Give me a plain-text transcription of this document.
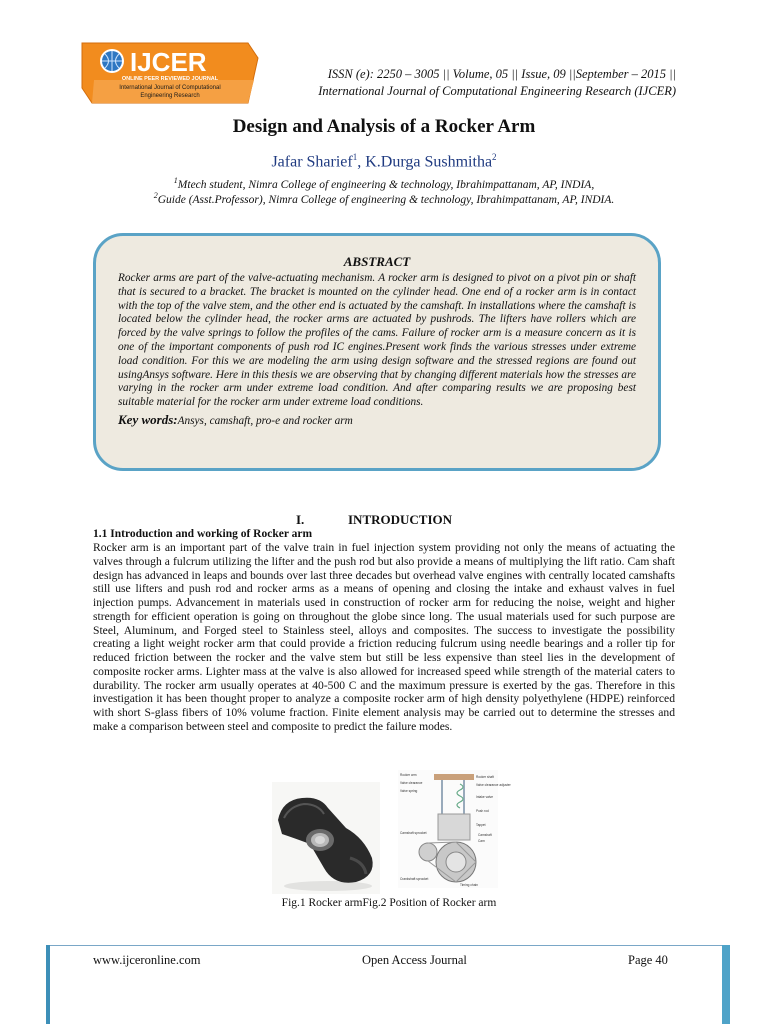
IJCER
ONLINE PEER REVIEWED JOURNAL
International Journal of Computational
Engineering Research
ISSN (e): 2250 – 3005 || Volume, 05 || Issue, 09 ||September – 2015 ||
International Journal of Computational Engineering Research (IJCER)
Design and Analysis of a Rocker Arm
Jafar Sharief$^1$, K.Durga Sushmitha$^2$
$^1$Mtech student, Nimra College of engineering & technology, Ibrahimpattanam, AP, INDIA,
$^2$Guide (Asst.Professor), Nimra College of engineering & technology, Ibrahimpattanam, AP, INDIA.
ABSTRACT
Rocker arms are part of the valve-actuating mechanism. A rocker arm is designed to pivot on a pivot pin or shaft that is secured to a bracket. The bracket is mounted on the cylinder head. One end of a rocker arm is in contact with the top of the valve stem, and the other end is actuated by the camshaft. In installations where the camshaft is located below the cylinder head, the rocker arms are actuated by pushrods. The lifters have rollers which are forced by the valve springs to follow the profiles of the cams. Failure of rocker arm is a measure concern as it is one of the important components of push rod IC engines.Present work finds the various stresses under extreme load condition. For this we are modeling the arm using design software and the stressed regions are found out usingAnsys software. Here in this thesis we are observing that by changing different materials how the stresses are varying in the rocker arm under extreme load condition. And after comparing results we are proposing best suitable material for the rocker arm under extreme load conditions.
Key words:Ansys, camshaft, pro-e and rocker arm
I.	INTRODUCTION
1.1 Introduction and working of Rocker arm
Rocker arm is an important part of the valve train in fuel injection system providing not only the means of actuating the valves through a fulcrum utilizing the lifter and the push rod but also provide a means of multiplying the lift ratio. Cam shaft design has advanced in leaps and bounds over last three decades but overhead valve engines with centrally located camshafts still use lifters and push rod and rocker arms as a means of opening and closing the intake and exhaust valves in fuel injection pumps. Advancement in materials used in construction of rocker arm for reducing the noise, weight and higher strength for efficient operation is going on throughout the globe since long. The usual materials used for such purpose are Steel, Aluminum, and Forged steel to Stainless steel, alloys and composites. The success to investigate the possibility creating a light weight rocker arm that could provide a friction reducing fulcrum using needle bearings and a roller tip for reduced friction between the rocker and the valve stem but still be less expensive than steel lies in the development of composite rocker arms. Lighter mass at the valve is also allowed for increased speed while strength of the material caters to durability. The rocker arm usually operates at 40-500 C and the maximum pressure is exerted by the gas. Therefore in this investigation it has been thought proper to analyze a composite rocker arm of high density polyethylene (HDPE) reinforced with short S-glass fibers of 10% volume fraction. Finite element analysis may be carried out to determine the stresses and make a comparison between steel and composite to predict the failure modes.
Rocker arm	Rocker shaft
Valve clearance
Valve spring
Valve clearance adjuster
Intake valve
Push rod
Tappet
Camshaft sprocket	Camshaft
Cam
Timing chain
Crankshaft sprocket
Fig.1 Rocker armFig.2 Position of Rocker arm
www.ijceronline.com	Open Access Journal	Page 40
